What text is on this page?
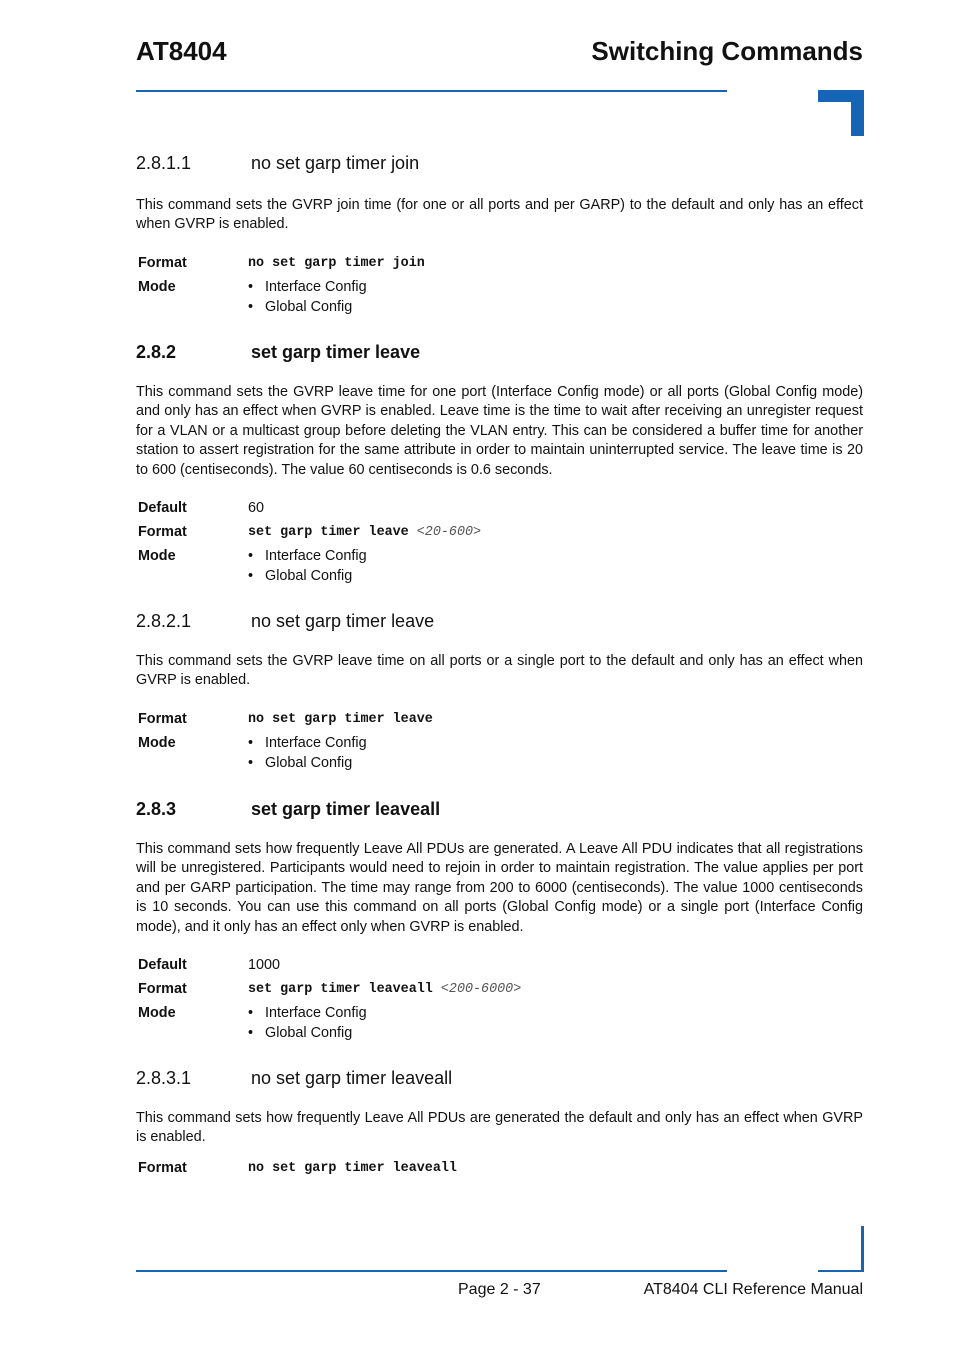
AT8404	Switching Commands
2.8.1.1	no set garp timer join

This command sets the GVRP join time (for one or all ports and per GARP) to the default and only has an effect when GVRP is enabled.

Format	no set garp timer join
Mode	• Interface Config
• Global Config
2.8.2	set garp timer leave

This command sets the GVRP leave time for one port (Interface Config mode) or all ports (Global Config mode) and only has an effect when GVRP is enabled. Leave time is the time to wait after receiving an unregister request for a VLAN or a multicast group before deleting the VLAN entry. This can be considered a buffer time for another station to assert registration for the same attribute in order to maintain uninterrupted service. The leave time is 20 to 600 (centiseconds). The value 60 centiseconds is 0.6 seconds.

Default	60
Format	set garp timer leave <20-600>
Mode	• Interface Config
• Global Config
2.8.2.1	no set garp timer leave

This command sets the GVRP leave time on all ports or a single port to the default and only has an effect when GVRP is enabled.

Format	no set garp timer leave
Mode	• Interface Config
• Global Config
2.8.3	set garp timer leaveall

This command sets how frequently Leave All PDUs are generated. A Leave All PDU indicates that all registrations will be unregistered. Participants would need to rejoin in order to maintain registration. The value applies per port and per GARP participation. The time may range from 200 to 6000 (centiseconds). The value 1000 centiseconds is 10 seconds. You can use this command on all ports (Global Config mode) or a single port (Interface Config mode), and it only has an effect only when GVRP is enabled.

Default	1000
Format	set garp timer leaveall <200-6000>
Mode	• Interface Config
• Global Config
2.8.3.1	no set garp timer leaveall

This command sets how frequently Leave All PDUs are generated the default and only has an effect when GVRP is enabled.

Format	no set garp timer leaveall
Page 2 - 37	AT8404 CLI Reference Manual
